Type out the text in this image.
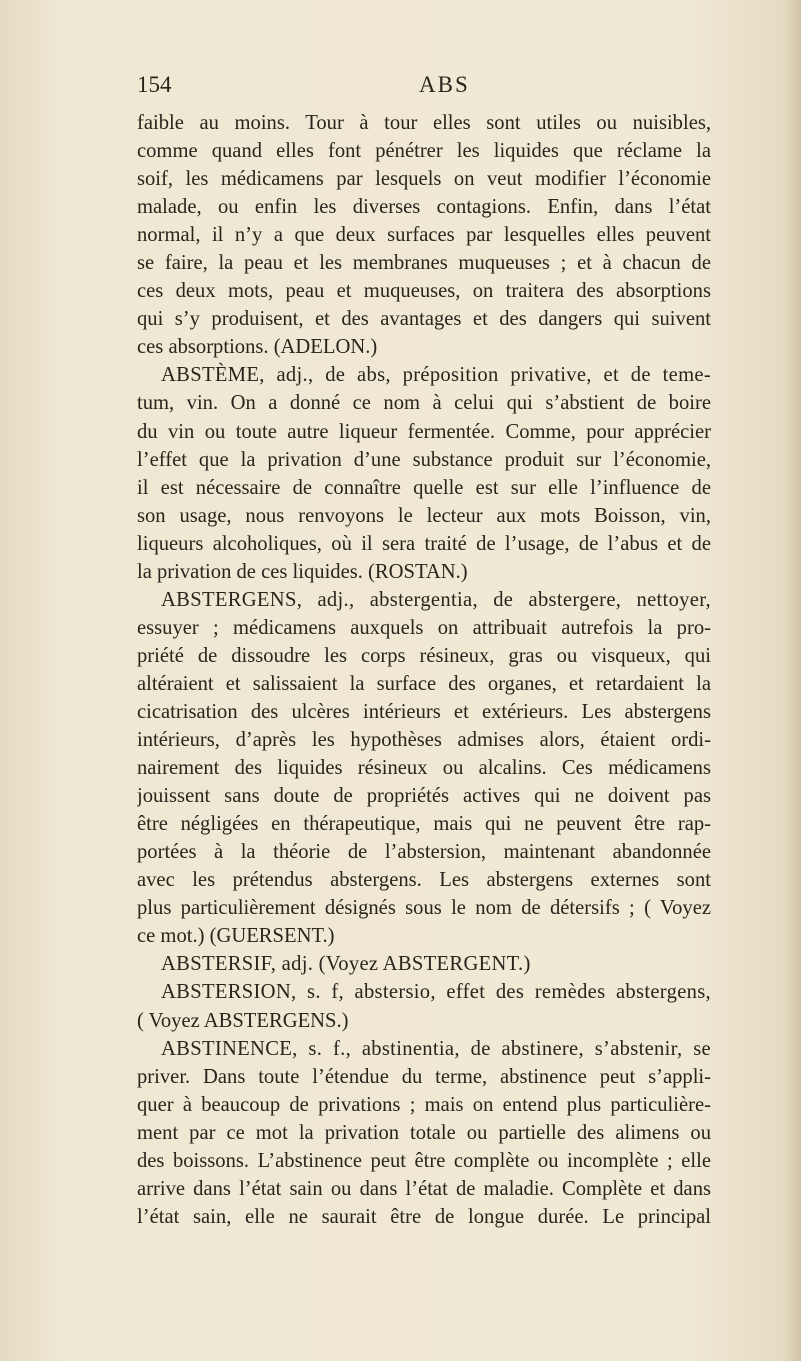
154	ABS
faible au moins. Tour à tour elles sont utiles ou nuisibles,
comme quand elles font pénétrer les liquides que réclame la
soif, les médicamens par lesquels on veut modifier l’économie
malade, ou enfin les diverses contagions. Enfin, dans l’état
normal, il n’y a que deux surfaces par lesquelles elles peuvent
se faire, la peau et les membranes muqueuses ; et à chacun de
ces deux mots, peau et muqueuses, on traitera des absorptions
qui s’y produisent, et des avantages et des dangers qui suivent
ces absorptions. (ADELON.)
ABSTÈME, adj., de abs, préposition privative, et de teme-
tum, vin. On a donné ce nom à celui qui s’abstient de boire
du vin ou toute autre liqueur fermentée. Comme, pour apprécier
l’effet que la privation d’une substance produit sur l’économie,
il est nécessaire de connaître quelle est sur elle l’influence de
son usage, nous renvoyons le lecteur aux mots Boisson, vin,
liqueurs alcoholiques, où il sera traité de l’usage, de l’abus et de
la privation de ces liquides. (ROSTAN.)
ABSTERGENS, adj., abstergentia, de abstergere, nettoyer,
essuyer ; médicamens auxquels on attribuait autrefois la pro-
priété de dissoudre les corps résineux, gras ou visqueux, qui
altéraient et salissaient la surface des organes, et retardaient la
cicatrisation des ulcères intérieurs et extérieurs. Les abstergens
intérieurs, d’après les hypothèses admises alors, étaient ordi-
nairement des liquides résineux ou alcalins. Ces médicamens
jouissent sans doute de propriétés actives qui ne doivent pas
être négligées en thérapeutique, mais qui ne peuvent être rap-
portées à la théorie de l’abstersion, maintenant abandonnée
avec les prétendus abstergens. Les abstergens externes sont
plus particulièrement désignés sous le nom de détersifs ; ( Voyez
ce mot.) (GUERSENT.)
ABSTERSIF, adj. (Voyez ABSTERGENT.)
ABSTERSION, s. f, abstersio, effet des remèdes abstergens,
( Voyez ABSTERGENS.)
ABSTINENCE, s. f., abstinentia, de abstinere, s’abstenir, se
priver. Dans toute l’étendue du terme, abstinence peut s’appli-
quer à beaucoup de privations ; mais on entend plus particulière-
ment par ce mot la privation totale ou partielle des alimens ou
des boissons. L’abstinence peut être complète ou incomplète ; elle
arrive dans l’état sain ou dans l’état de maladie. Complète et dans
l’état sain, elle ne saurait être de longue durée. Le principal
